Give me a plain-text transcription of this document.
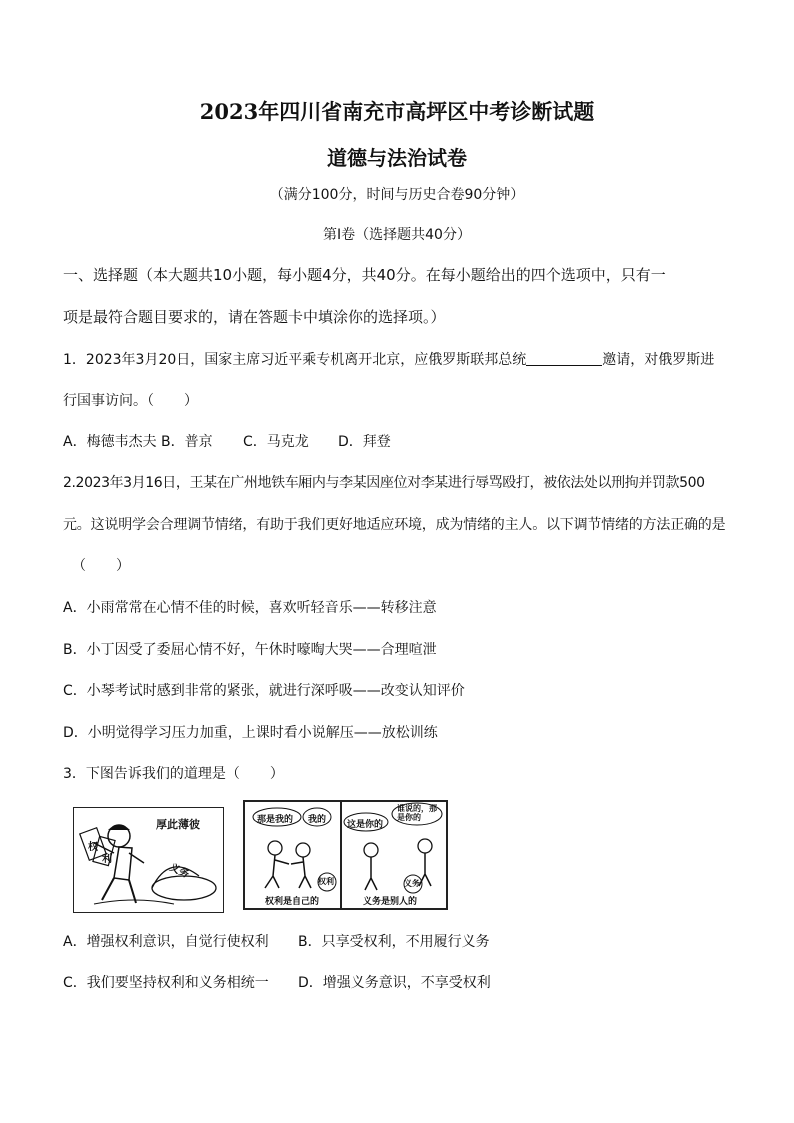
2023年四川省南充市高坪区中考诊断试题
道德与法治试卷
（满分100分，时间与历史合卷90分钟）
第Ⅰ卷（选择题共40分）
一、选择题（本大题共10小题，每小题4分，共40分。在每小题给出的四个选项中，只有一
项是最符合题目要求的，请在答题卡中填涂你的选择项。）
1．2023年3月20日，国家主席习近平乘专机离开北京，应俄罗斯联邦总统	邀请，对俄罗斯进
行国事访问。（ ）
A．梅德韦杰夫 B．普京 C．马克龙 D．拜登
2.2023年3月16日，王某在广州地铁车厢内与李某因座位对李某进行辱骂殴打，被依法处以刑拘并罚款500
元。这说明学会合理调节情绪，有助于我们更好地适应环境，成为情绪的主人。以下调节情绪的方法正确的是
（ ）
A．小雨常常在心情不佳的时候，喜欢听轻音乐——转移注意
B．小丁因受了委屈心情不好，午休时嚎啕大哭——合理喧泄
C．小琴考试时感到非常的紧张，就进行深呼吸——改变认知评价
D．小明觉得学习压力加重，上课时看小说解压——放松训练
3．下图告诉我们的道理是（ ）
厚此薄彼
权
利
义务
那是我的 我的 这是你的
谁说的，那是你的
权利	义务
权利是自己的	义务是别人的
A．增强权利意识，自觉行使权利 B．只享受权利，不用履行义务
C．我们要坚持权利和义务相统一 D．增强义务意识，不享受权利
